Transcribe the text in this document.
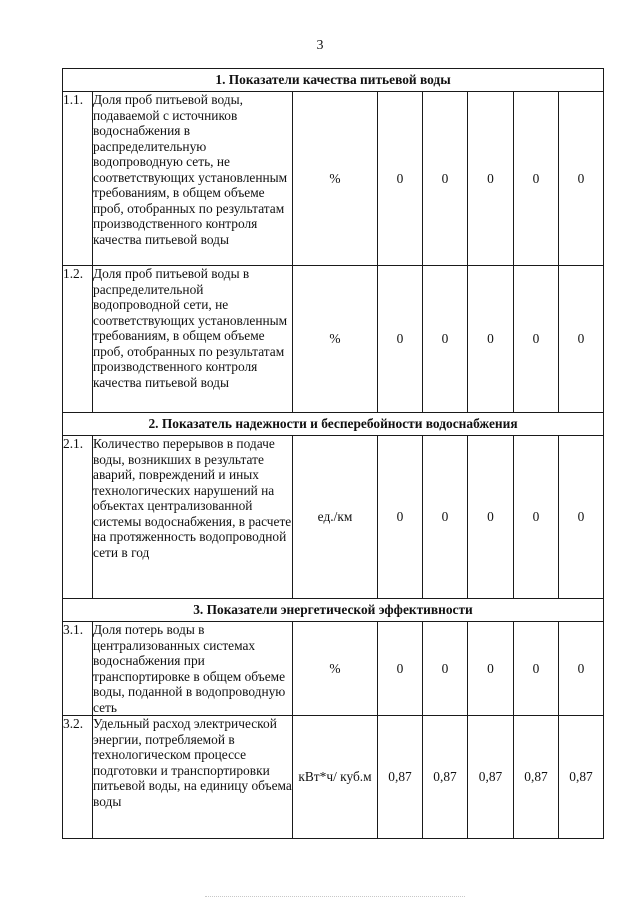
3
1. Показатели качества питьевой воды							
1.1.	Доля проб питьевой воды, подаваемой с источников водоснабжения в распределительную водопроводную сеть, не соответствующих установленным требованиям, в общем объеме проб, отобранных по результатам производственного контроля качества питьевой воды	%	0	0	0	0	0
1.2.	Доля проб питьевой воды в распределительной водопроводной сети, не соответствующих установленным требованиям, в общем объеме проб, отобранных по результатам производственного контроля качества питьевой воды	%	0	0	0	0	0
2. Показатель надежности и бесперебойности водоснабжения							
2.1.	Количество перерывов в подаче воды, возникших в результате аварий, повреждений и иных технологических нарушений на объектах централизованной системы водоснабжения, в расчете на протяженность водопроводной сети в год	ед./км	0	0	0	0	0
3. Показатели энергетической эффективности							
3.1.	Доля потерь воды в централизованных системах водоснабжения при транспортировке в общем объеме воды, поданной в водопроводную сеть	%	0	0	0	0	0
3.2.	Удельный расход электрической энергии, потребляемой в технологическом процессе подготовки и транспортировки питьевой воды, на единицу объема воды	кВт*ч/ куб.м	0,87	0,87	0,87	0,87	0,87
